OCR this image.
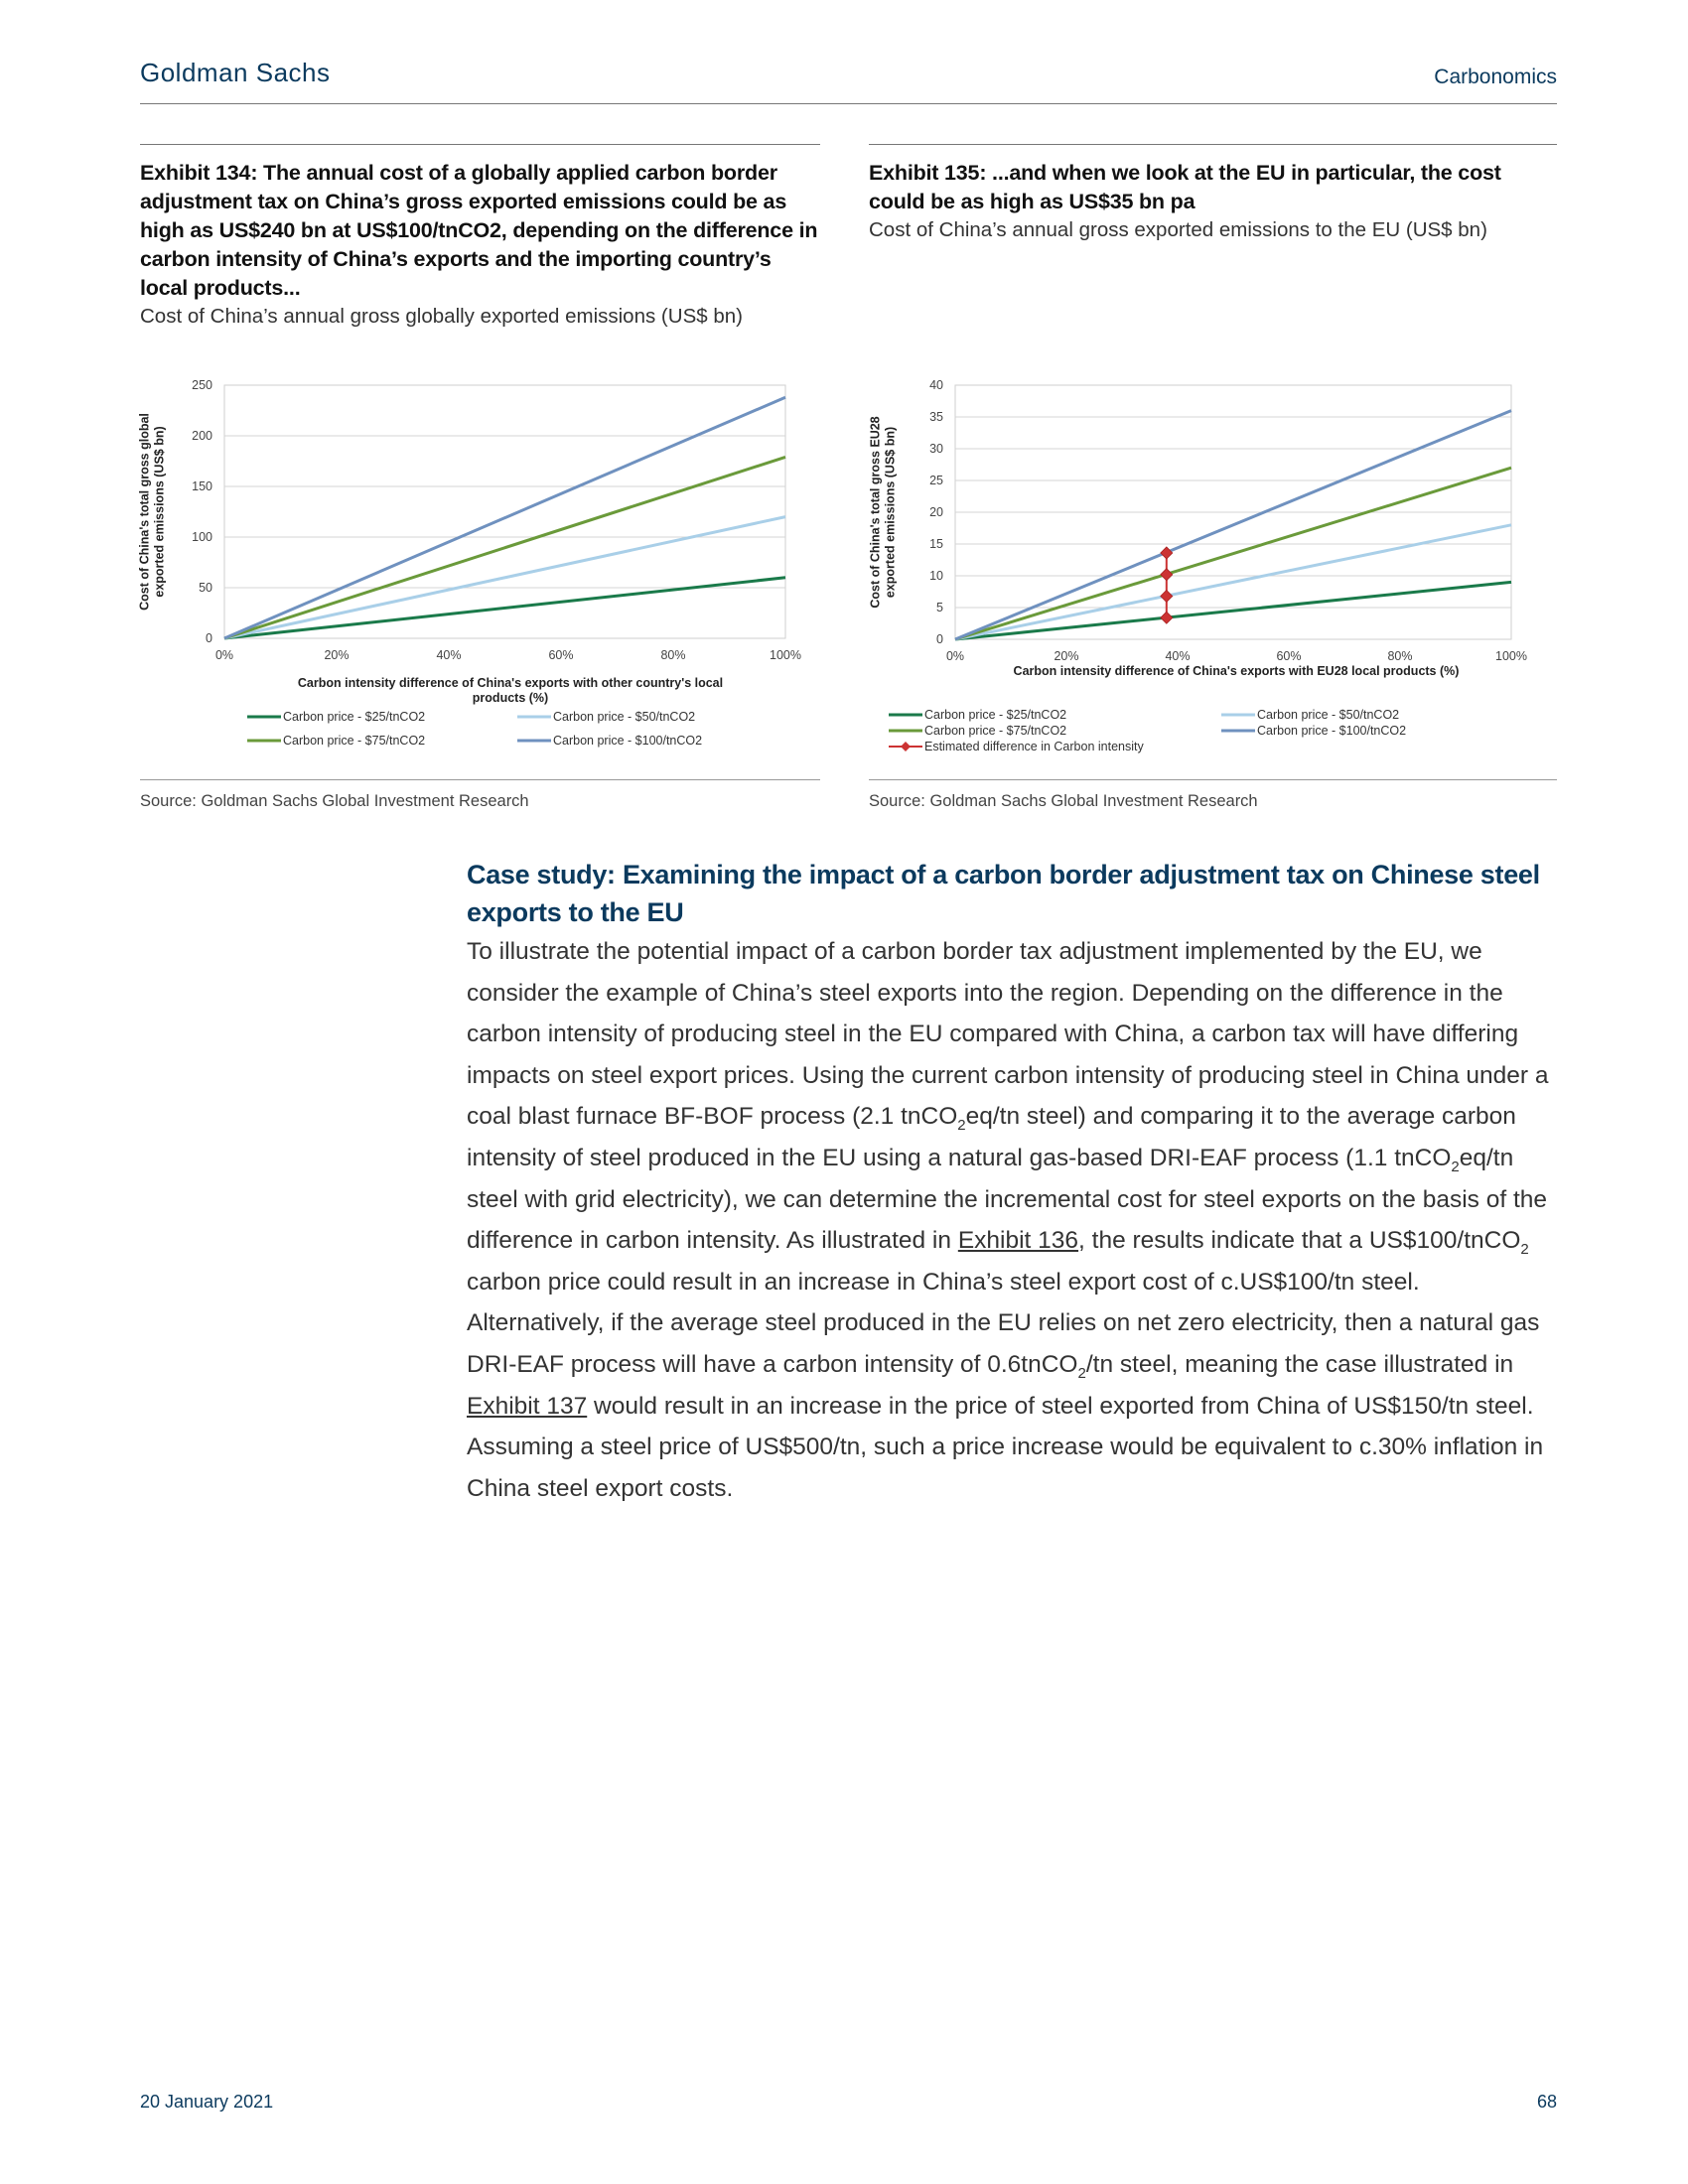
Goldman Sachs	Carbonomics
Exhibit 134: The annual cost of a globally applied carbon border adjustment tax on China’s gross exported emissions could be as high as US$240 bn at US$100/tnCO2, depending on the difference in carbon intensity of China’s exports and the importing country’s local products...
Cost of China’s annual gross globally exported emissions (US$ bn)
0
50
100
150
200
250
0%	20%	40%	60%	80%	100%
Cost of China's total gross global exported emissions (US$ bn)
Carbon intensity difference of China's exports with other country's local
products (%)
Carbon price - $25/tnCO2	Carbon price - $50/tnCO2
Carbon price - $75/tnCO2	Carbon price - $100/tnCO2
Source: Goldman Sachs Global Investment Research
Exhibit 135: ...and when we look at the EU in particular, the cost could be as high as US$35 bn pa
Cost of China’s annual gross exported emissions to the EU (US$ bn)
0
5
10
15
20
25
30
35
40
0%	20%	40%	60%	80%	100%
Cost of China's total gross EU28 exported emissions (US$ bn)
Carbon intensity difference of China's exports with EU28 local products (%)
Carbon price - $25/tnCO2	Carbon price - $50/tnCO2
Carbon price - $75/tnCO2	Carbon price - $100/tnCO2
Estimated difference in Carbon intensity
Source: Goldman Sachs Global Investment Research
Case study: Examining the impact of a carbon border adjustment tax on Chinese steel exports to the EU
To illustrate the potential impact of a carbon border tax adjustment implemented by the EU, we consider the example of China’s steel exports into the region. Depending on the difference in the carbon intensity of producing steel in the EU compared with China, a carbon tax will have differing impacts on steel export prices. Using the current carbon intensity of producing steel in China under a coal blast furnace BF-BOF process (2.1 tnCO$_2$eq/tn steel) and comparing it to the average carbon intensity of steel produced in the EU using a natural gas-based DRI-EAF process (1.1 tnCO$_2$eq/tn steel with grid electricity), we can determine the incremental cost for steel exports on the basis of the difference in carbon intensity. As illustrated in Exhibit 136, the results indicate that a US$100/tnCO$_2$ carbon price could result in an increase in China’s steel export cost of c.US$100/tn steel. Alternatively, if the average steel produced in the EU relies on net zero electricity, then a natural gas DRI-EAF process will have a carbon intensity of 0.6tnCO$_2$/tn steel, meaning the case illustrated in Exhibit 137 would result in an increase in the price of steel exported from China of US$150/tn steel. Assuming a steel price of US$500/tn, such a price increase would be equivalent to c.30% inflation in China steel export costs.
20 January 2021	68
